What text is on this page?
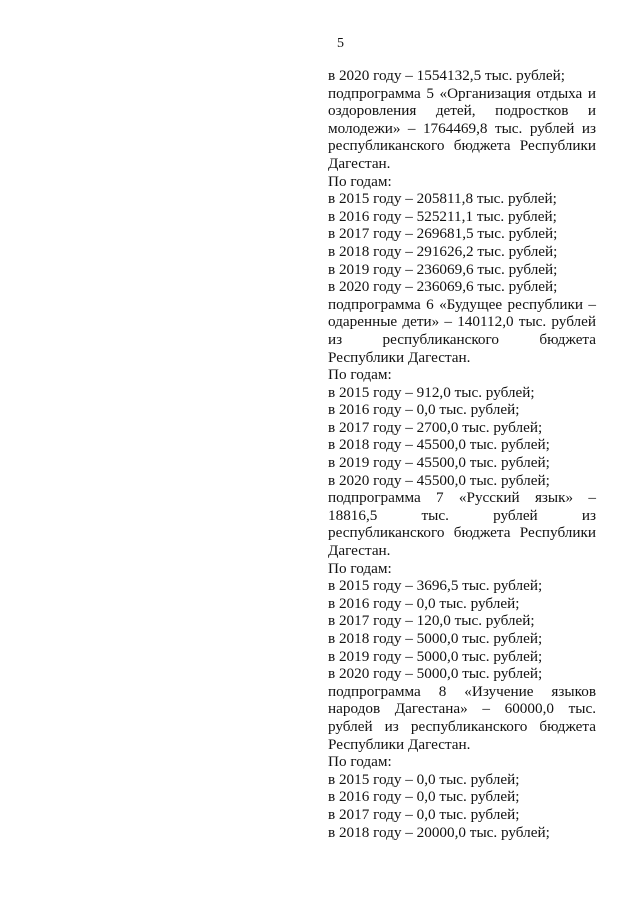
5
в 2020 году – 1554132,5 тыс. рублей;
подпрограмма 5 «Организация отдыха и
оздоровления детей, подростков и
молодежи» – 1764469,8 тыс. рублей из
республиканского бюджета Республики
Дагестан.
По годам:
в 2015 году – 205811,8 тыс. рублей;
в 2016 году – 525211,1 тыс. рублей;
в 2017 году – 269681,5 тыс. рублей;
в 2018 году – 291626,2 тыс. рублей;
в 2019 году – 236069,6 тыс. рублей;
в 2020 году – 236069,6 тыс. рублей;
подпрограмма 6 «Будущее республики –
одаренные дети» – 140112,0 тыс. рублей
из республиканского бюджета
Республики Дагестан.
По годам:
в 2015 году – 912,0 тыс. рублей;
в 2016 году – 0,0 тыс. рублей;
в 2017 году – 2700,0 тыс. рублей;
в 2018 году – 45500,0 тыс. рублей;
в 2019 году – 45500,0 тыс. рублей;
в 2020 году – 45500,0 тыс. рублей;
подпрограмма 7 «Русский язык» –
18816,5 тыс. рублей из
республиканского бюджета Республики
Дагестан.
По годам:
в 2015 году – 3696,5 тыс. рублей;
в 2016 году – 0,0 тыс. рублей;
в 2017 году – 120,0 тыс. рублей;
в 2018 году – 5000,0 тыс. рублей;
в 2019 году – 5000,0 тыс. рублей;
в 2020 году – 5000,0 тыс. рублей;
подпрограмма 8 «Изучение языков
народов Дагестана» – 60000,0 тыс.
рублей из республиканского бюджета
Республики Дагестан.
По годам:
в 2015 году – 0,0 тыс. рублей;
в 2016 году – 0,0 тыс. рублей;
в 2017 году – 0,0 тыс. рублей;
в 2018 году – 20000,0 тыс. рублей;
